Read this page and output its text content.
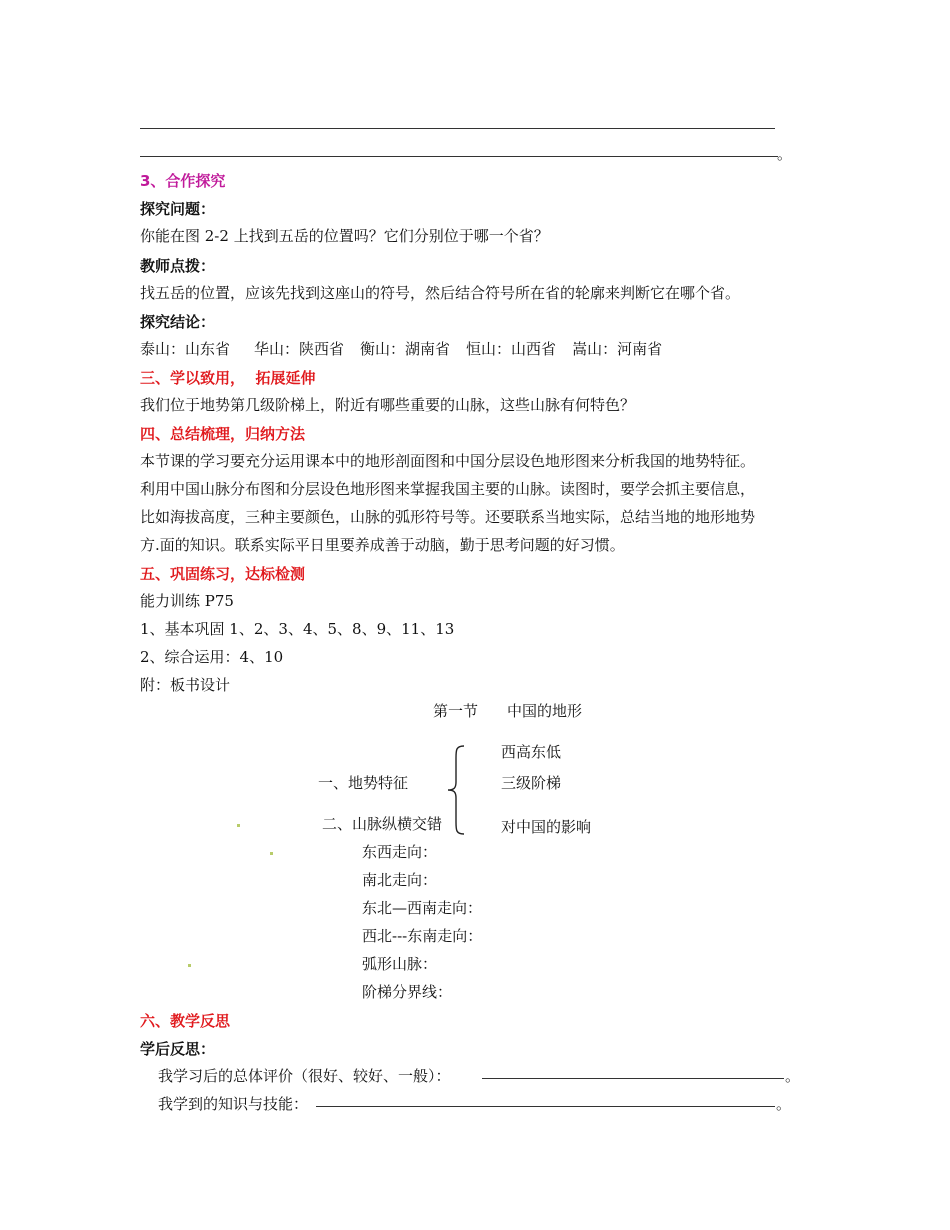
。
3、合作探究
探究问题：
你能在图 2-2 上找到五岳的位置吗？它们分别位于哪一个省？
教师点拨：
找五岳的位置，应该先找到这座山的符号，然后结合符号所在省的轮廓来判断它在哪个省。
探究结论：
泰山：山东省 华山：陕西省 衡山：湖南省 恒山：山西省 嵩山：河南省
三、学以致用，  拓展延伸
我们位于地势第几级阶梯上，附近有哪些重要的山脉，这些山脉有何特色？
四、总结梳理，归纳方法
本节课的学习要充分运用课本中的地形剖面图和中国分层设色地形图来分析我国的地势特征。
利用中国山脉分布图和分层设色地形图来掌握我国主要的山脉。读图时，要学会抓主要信息，
比如海拔高度，三种主要颜色，山脉的弧形符号等。还要联系当地实际，总结当地的地形地势
方.面的知识。联系实际平日里要养成善于动脑，勤于思考问题的好习惯。
五、巩固练习，达标检测
能力训练 P75
1、基本巩固 1、2、3、4、5、8、9、11、13
2、综合运用：4、10
附：板书设计
第一节 中国的地形
一、地势特征
二、山脉纵横交错
西高东低
三级阶梯
对中国的影响
东西走向：
南北走向：
东北—西南走向：
西北---东南走向：
弧形山脉：
阶梯分界线：
六、教学反思
学后反思：
我学习后的总体评价（很好、较好、一般）：	。
我学到的知识与技能：	。
